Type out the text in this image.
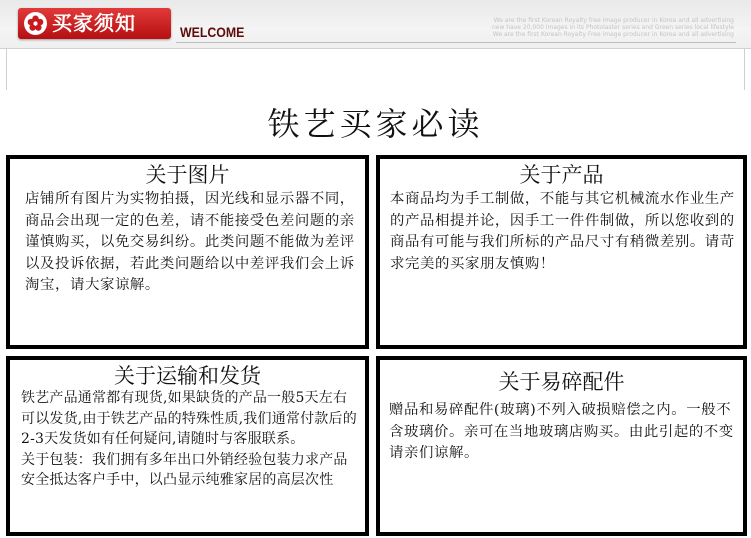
买家须知	WELCOME
We are the first Korean Royalty free image producer in Korea and all advertising
new have 20,000 images in its Photolaster series and Green series local lifestyle
We are the first Korean Royalty Free image producer in Korea and all advertising
铁艺买家必读
关于图片

店铺所有图片为实物拍摄，因光线和显示器不同，商品会出现一定的色差，请不能接受色差问题的亲谨慎购买，以免交易纠纷。此类问题不能做为差评以及投诉依据，若此类问题给以中差评我们会上诉淘宝，请大家谅解。

关于产品

本商品均为手工制做，不能与其它机械流水作业生产的产品相提并论，因手工一件件制做，所以您收到的商品有可能与我们所标的产品尺寸有稍微差别。请苛求完美的买家朋友慎购！

关于运输和发货

铁艺产品通常都有现货,如果缺货的产品一般5天左右可以发货,由于铁艺产品的特殊性质,我们通常付款后的2-3天发货如有任何疑问,请随时与客服联系。

关于包装：我们拥有多年出口外销经验包装力求产品安全抵达客户手中，以凸显示纯雅家居的高层次性

关于易碎配件

赠品和易碎配件(玻璃)不列入破损赔偿之内。一般不含玻璃价。亲可在当地玻璃店购买。由此引起的不变请亲们谅解。
